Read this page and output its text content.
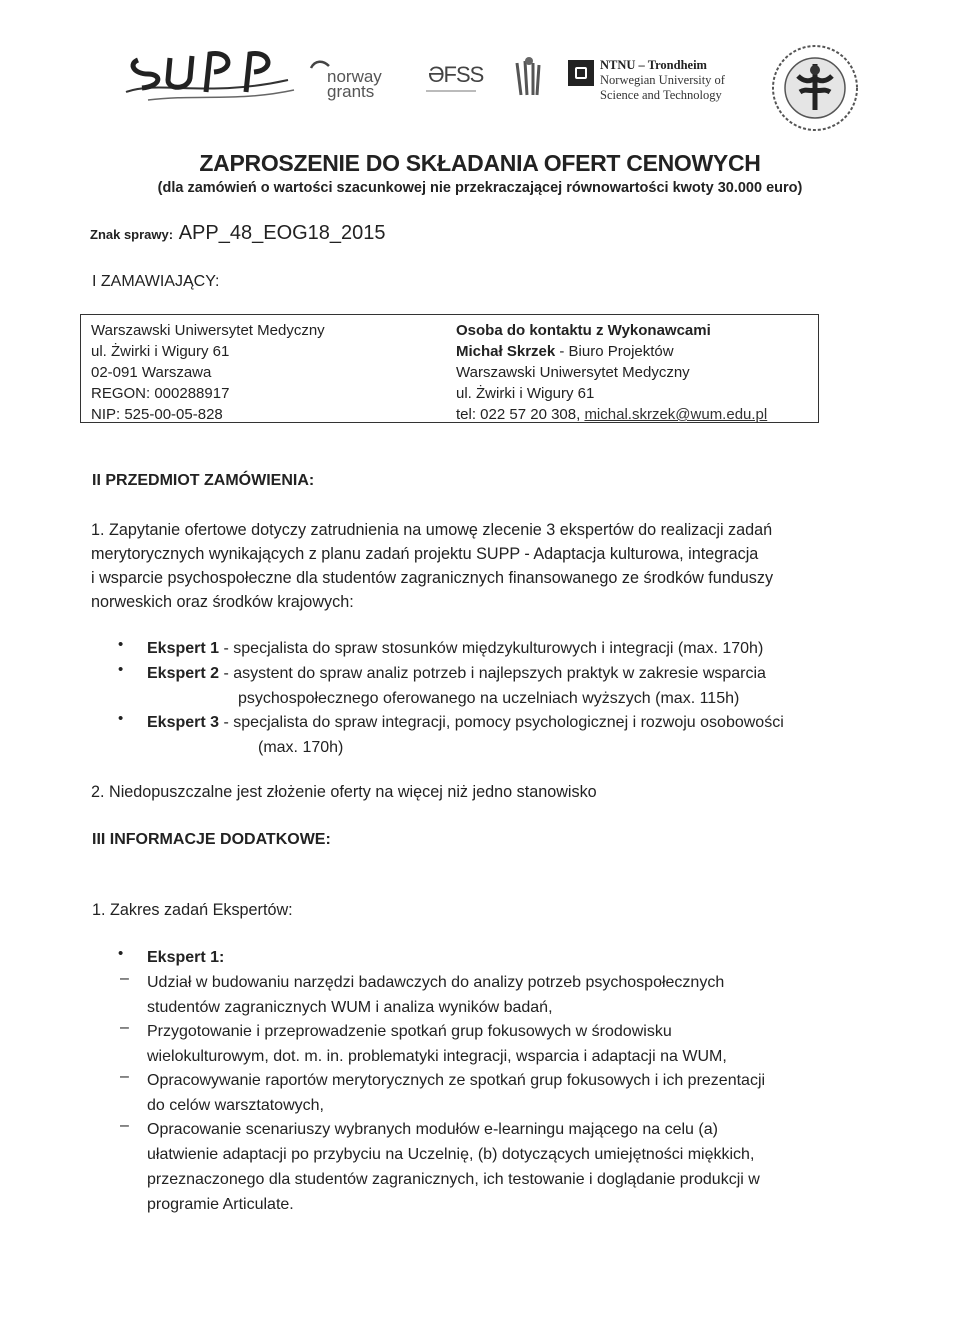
norway
grants
ƏFSS	NTNU – Trondheim
Norwegian University of
Science and Technology
ZAPROSZENIE DO SKŁADANIA OFERT CENOWYCH
(dla zamówień o wartości szacunkowej nie przekraczającej równowartości kwoty 30.000 euro)
Znak sprawy: APP_48_EOG18_2015
I ZAMAWIAJĄCY:
Warszawski Uniwersytet Medyczny
ul. Żwirki i Wigury 61
02-091 Warszawa
REGON: 000288917
NIP: 525-00-05-828
Osoba do kontaktu z Wykonawcami
Michał Skrzek - Biuro Projektów
Warszawski Uniwersytet Medyczny
ul. Żwirki i Wigury 61
tel: 022 57 20 308, michal.skrzek@wum.edu.pl
II PRZEDMIOT ZAMÓWIENIA:
1. Zapytanie ofertowe dotyczy zatrudnienia na umowę zlecenie 3 ekspertów do realizacji zadań
merytorycznych wynikających z planu zadań projektu SUPP - Adaptacja kulturowa, integracja
i wsparcie psychospołeczne dla studentów zagranicznych finansowanego ze środków funduszy
norweskich oraz środków krajowych:
• Ekspert 1 - specjalista do spraw stosunków międzykulturowych i integracji (max. 170h)
• Ekspert 2 - asystent do spraw analiz potrzeb i najlepszych praktyk w zakresie wsparcia
psychospołecznego oferowanego na uczelniach wyższych (max. 115h)
• Ekspert 3 - specjalista do spraw integracji, pomocy psychologicznej i rozwoju osobowości
(max. 170h)
2. Niedopuszczalne jest złożenie oferty na więcej niż jedno stanowisko
III INFORMACJE DODATKOWE:
1. Zakres zadań Ekspertów:
• Ekspert 1:
– Udział w budowaniu narzędzi badawczych do analizy potrzeb psychospołecznych
studentów zagranicznych WUM i analiza wyników badań,
– Przygotowanie i przeprowadzenie spotkań grup fokusowych w środowisku
wielokulturowym, dot. m. in. problematyki integracji, wsparcia i adaptacji na WUM,
– Opracowywanie raportów merytorycznych ze spotkań grup fokusowych i ich prezentacji
do celów warsztatowych,
– Opracowanie scenariuszy wybranych modułów e-learningu mającego na celu (a)
ułatwienie adaptacji po przybyciu na Uczelnię, (b) dotyczących umiejętności miękkich,
przeznaczonego dla studentów zagranicznych, ich testowanie i doglądanie produkcji w
programie Articulate.
